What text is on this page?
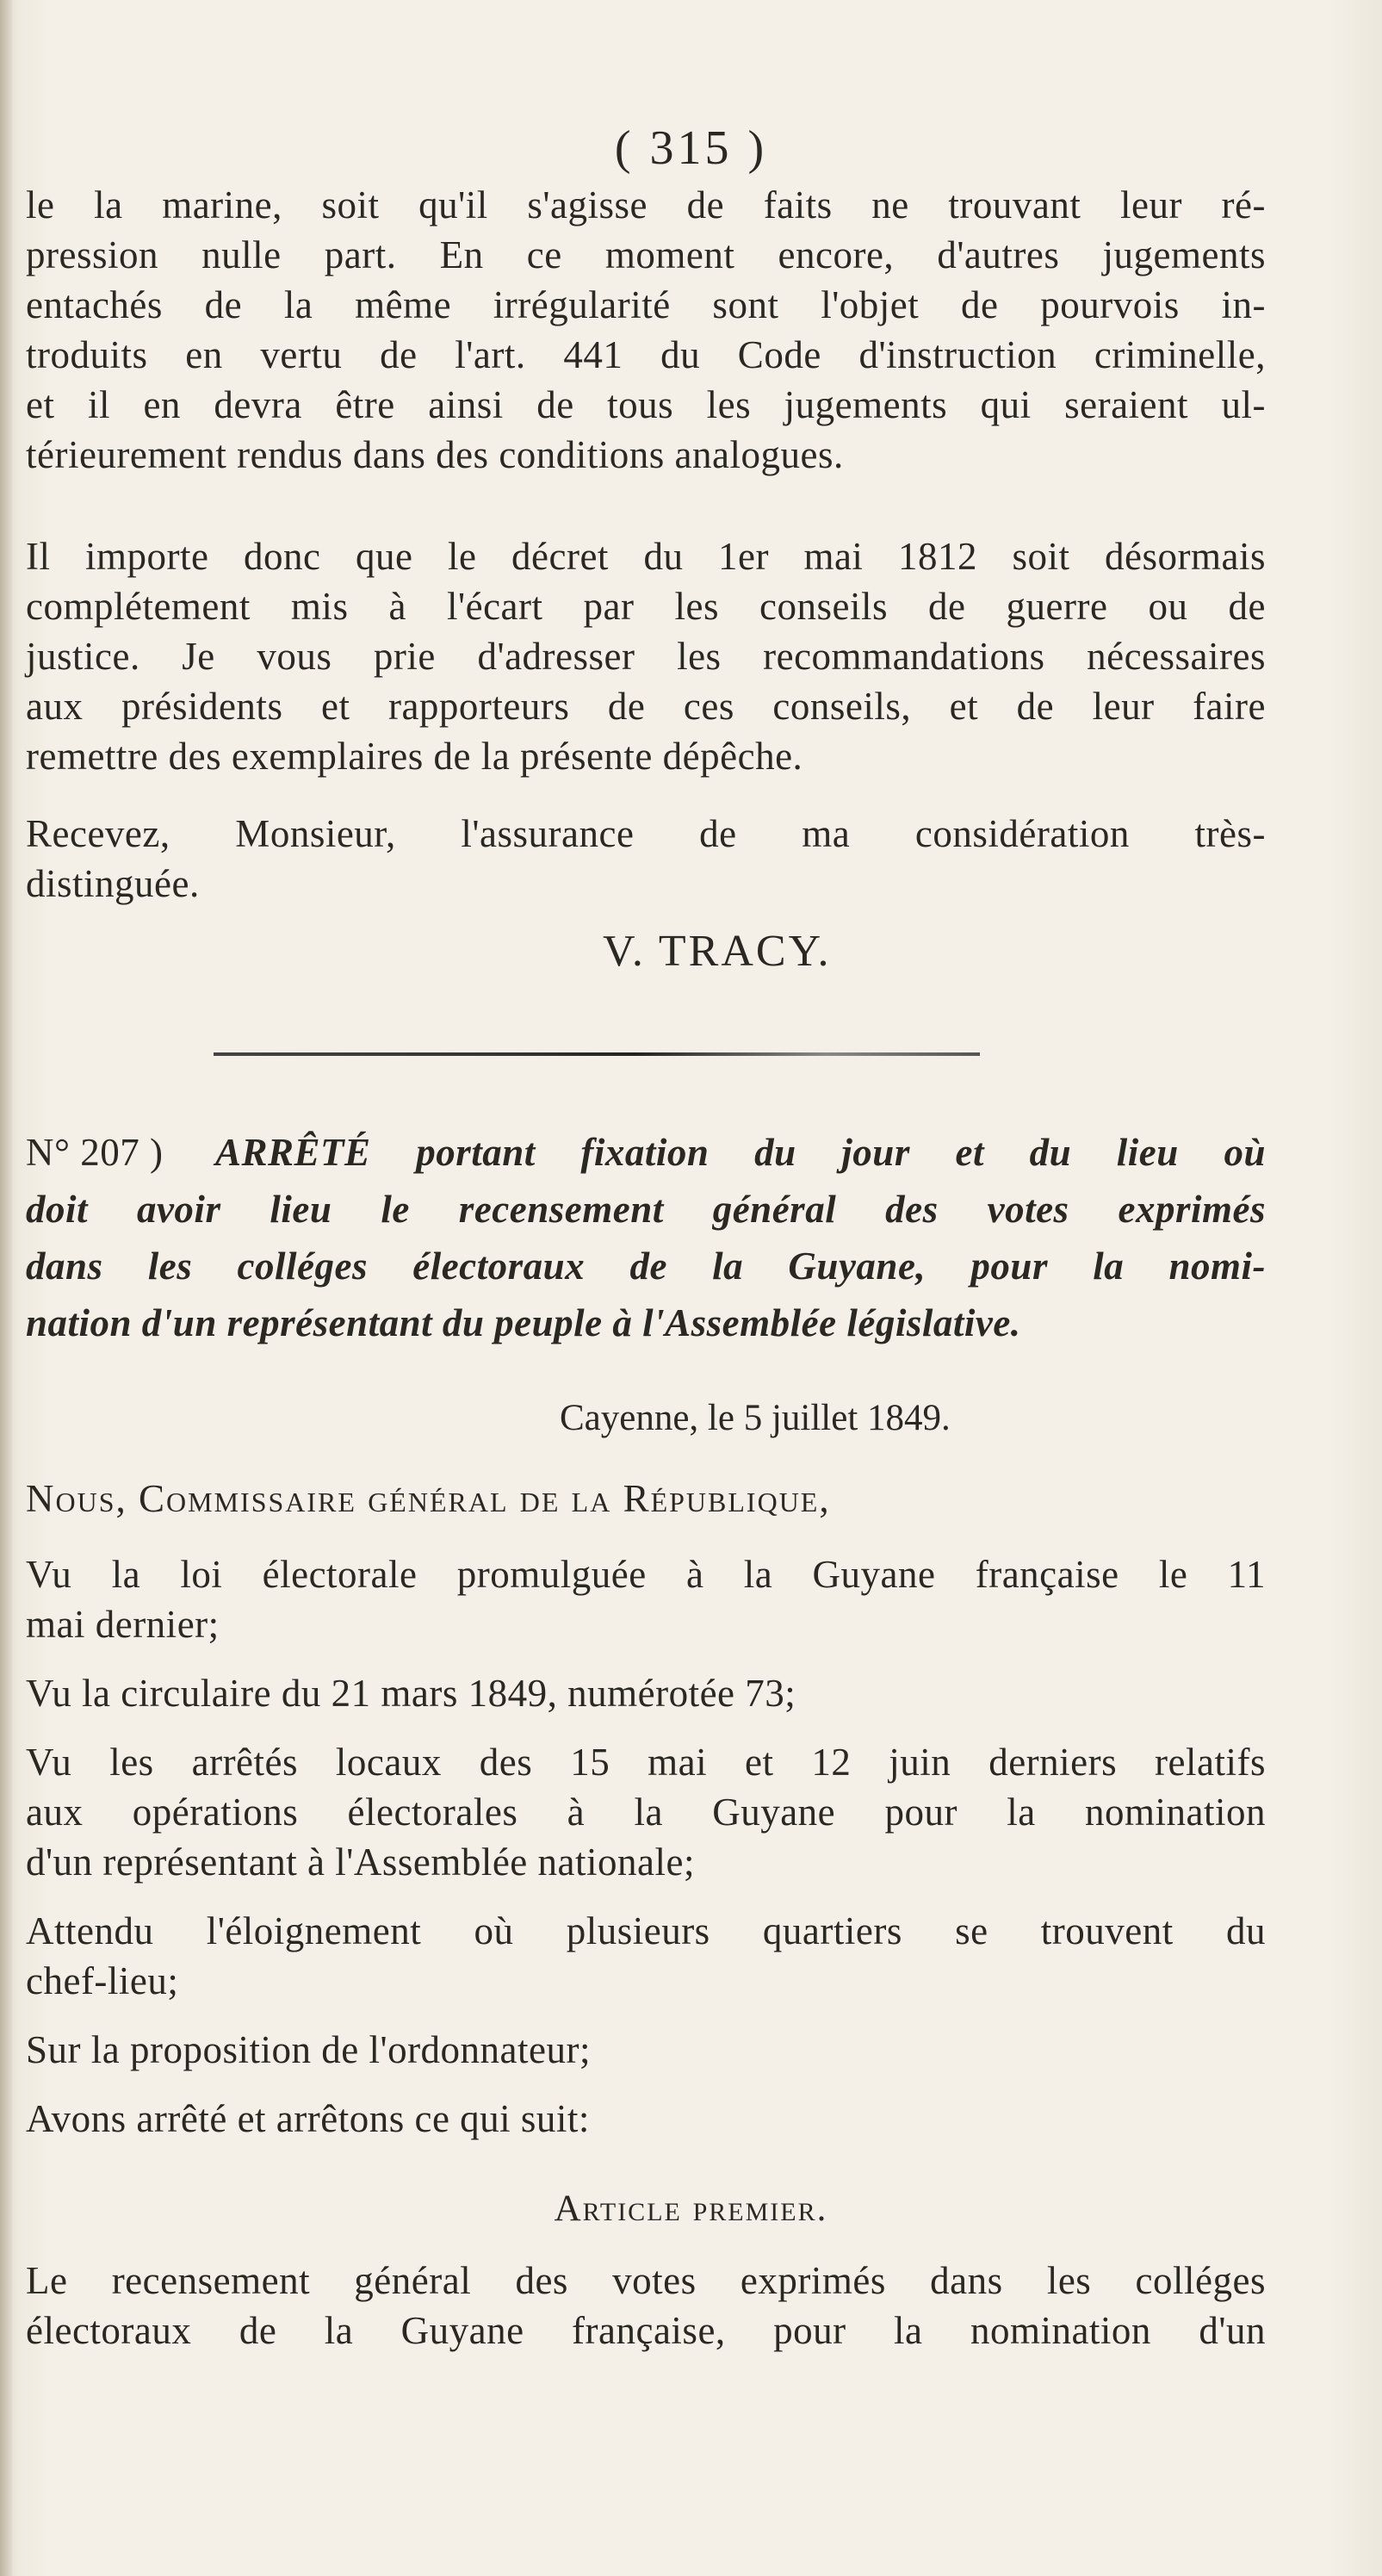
( 315 )
le la marine, soit qu'il s'agisse de faits ne trouvant leur ré-
pression nulle part. En ce moment encore, d'autres jugements
entachés de la même irrégularité sont l'objet de pourvois in-
troduits en vertu de l'art. 441 du Code d'instruction criminelle,
et il en devra être ainsi de tous les jugements qui seraient ul-
térieurement rendus dans des conditions analogues.
Il importe donc que le décret du 1er mai 1812 soit désormais
complétement mis à l'écart par les conseils de guerre ou de
justice. Je vous prie d'adresser les recommandations nécessaires
aux présidents et rapporteurs de ces conseils, et de leur faire
remettre des exemplaires de la présente dépêche.
Recevez, Monsieur, l'assurance de ma considération très-
distinguée.
V. TRACY.
N° 207 ) ARRÊTÉ portant fixation du jour et du lieu où
doit avoir lieu le recensement général des votes exprimés
dans les colléges électoraux de la Guyane, pour la nomi-
nation d'un représentant du peuple à l'Assemblée législative.
Cayenne, le 5 juillet 1849.
Nous, Commissaire général de la République,
Vu la loi électorale promulguée à la Guyane française le 11
mai dernier;
Vu la circulaire du 21 mars 1849, numérotée 73;
Vu les arrêtés locaux des 15 mai et 12 juin derniers relatifs
aux opérations électorales à la Guyane pour la nomination
d'un représentant à l'Assemblée nationale;
Attendu l'éloignement où plusieurs quartiers se trouvent du
chef-lieu;
Sur la proposition de l'ordonnateur;
Avons arrêté et arrêtons ce qui suit:
Article premier.
Le recensement général des votes exprimés dans les colléges
électoraux de la Guyane française, pour la nomination d'un
